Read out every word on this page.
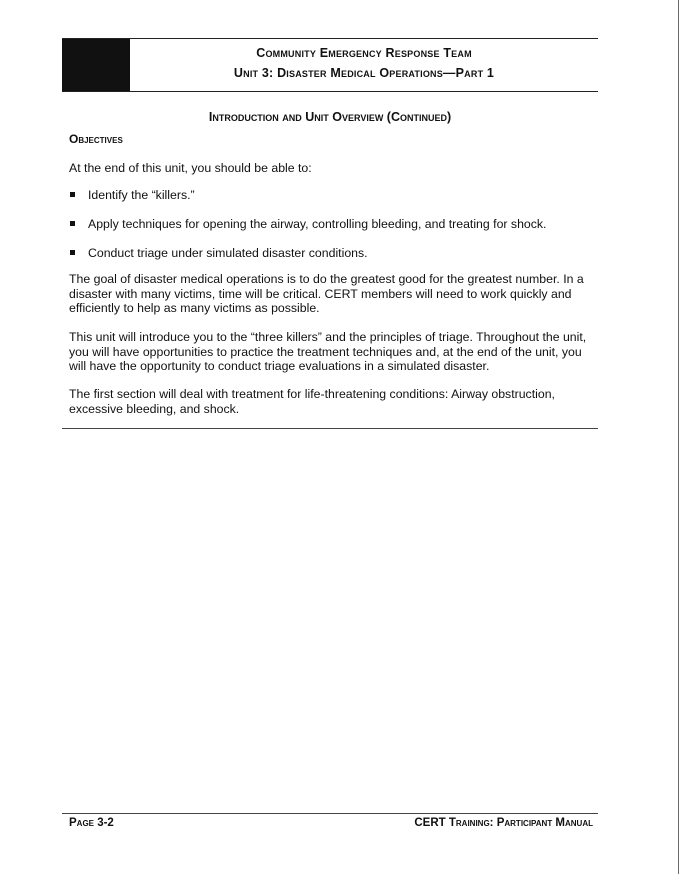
Community Emergency Response Team
Unit 3: Disaster Medical Operations—Part 1
Introduction and Unit Overview (Continued)
Objectives

At the end of this unit, you should be able to:

Identify the “killers.”
Apply techniques for opening the airway, controlling bleeding, and treating for shock.
Conduct triage under simulated disaster conditions.

The goal of disaster medical operations is to do the greatest good for the greatest number. In a disaster with many victims, time will be critical. CERT members will need to work quickly and efficiently to help as many victims as possible.

This unit will introduce you to the “three killers” and the principles of triage. Throughout the unit, you will have opportunities to practice the treatment techniques and, at the end of the unit, you will have the opportunity to conduct triage evaluations in a simulated disaster.

The first section will deal with treatment for life-threatening conditions: Airway obstruction, excessive bleeding, and shock.

Page 3-2	CERT Training: Participant Manual
